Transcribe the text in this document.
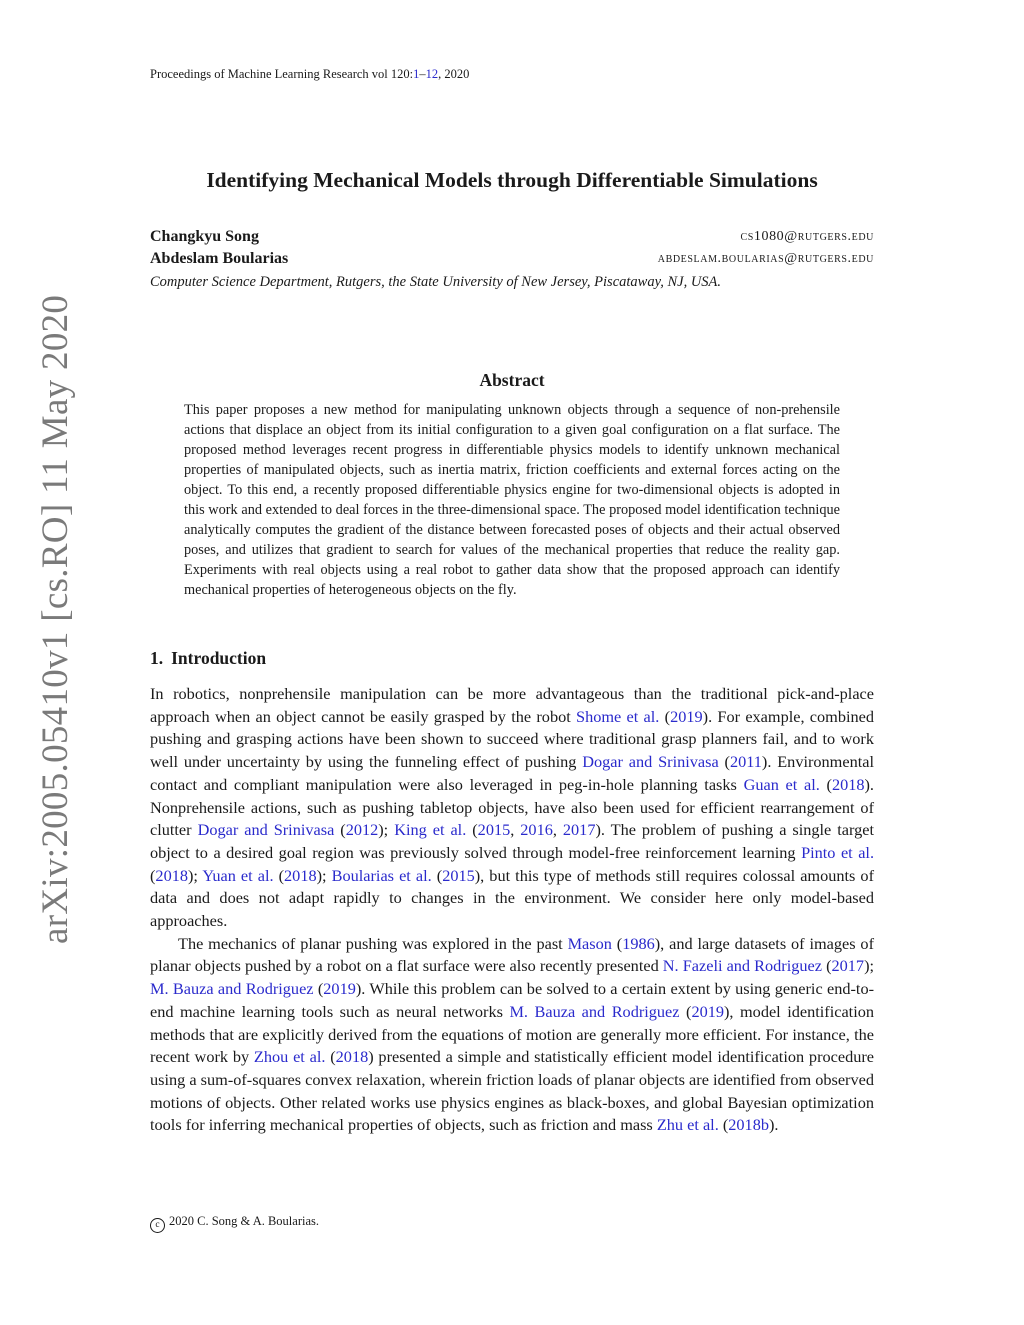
Proceedings of Machine Learning Research vol 120:1–12, 2020
arXiv:2005.05410v1 [cs.RO] 11 May 2020
Identifying Mechanical Models through Differentiable Simulations
Changkyu Song	cs1080@rutgers.edu
Abdeslam Boularias	abdeslam.boularias@rutgers.edu
Computer Science Department, Rutgers, the State University of New Jersey, Piscataway, NJ, USA.
Abstract

This paper proposes a new method for manipulating unknown objects through a sequence of non-prehensile actions that displace an object from its initial configuration to a given goal configuration on a flat surface. The proposed method leverages recent progress in differentiable physics models to identify unknown mechanical properties of manipulated objects, such as inertia matrix, friction coefficients and external forces acting on the object. To this end, a recently proposed differentiable physics engine for two-dimensional objects is adopted in this work and extended to deal forces in the three-dimensional space. The proposed model identification technique analytically computes the gradient of the distance between forecasted poses of objects and their actual observed poses, and utilizes that gradient to search for values of the mechanical properties that reduce the reality gap. Experiments with real objects using a real robot to gather data show that the proposed approach can identify mechanical properties of heterogeneous objects on the fly.

1. Introduction

In robotics, nonprehensile manipulation can be more advantageous than the traditional pick-and-place approach when an object cannot be easily grasped by the robot Shome et al. (2019). For example, combined pushing and grasping actions have been shown to succeed where traditional grasp planners fail, and to work well under uncertainty by using the funneling effect of pushing Dogar and Srinivasa (2011). Environmental contact and compliant manipulation were also leveraged in peg-in-hole planning tasks Guan et al. (2018). Nonprehensile actions, such as pushing tabletop objects, have also been used for efficient rearrangement of clutter Dogar and Srinivasa (2012); King et al. (2015, 2016, 2017). The problem of pushing a single target object to a desired goal region was previously solved through model-free reinforcement learning Pinto et al. (2018); Yuan et al. (2018); Boularias et al. (2015), but this type of methods still requires colossal amounts of data and does not adapt rapidly to changes in the environment. We consider here only model-based approaches.

The mechanics of planar pushing was explored in the past Mason (1986), and large datasets of images of planar objects pushed by a robot on a flat surface were also recently presented N. Fazeli and Rodriguez (2017); M. Bauza and Rodriguez (2019). While this problem can be solved to a certain extent by using generic end-to-end machine learning tools such as neural networks M. Bauza and Rodriguez (2019), model identification methods that are explicitly derived from the equations of motion are generally more efficient. For instance, the recent work by Zhou et al. (2018) presented a simple and statistically efficient model identification procedure using a sum-of-squares convex relaxation, wherein friction loads of planar objects are identified from observed motions of objects. Other related works use physics engines as black-boxes, and global Bayesian optimization tools for inferring mechanical properties of objects, such as friction and mass Zhu et al. (2018b).

c 2020 C. Song & A. Boularias.
